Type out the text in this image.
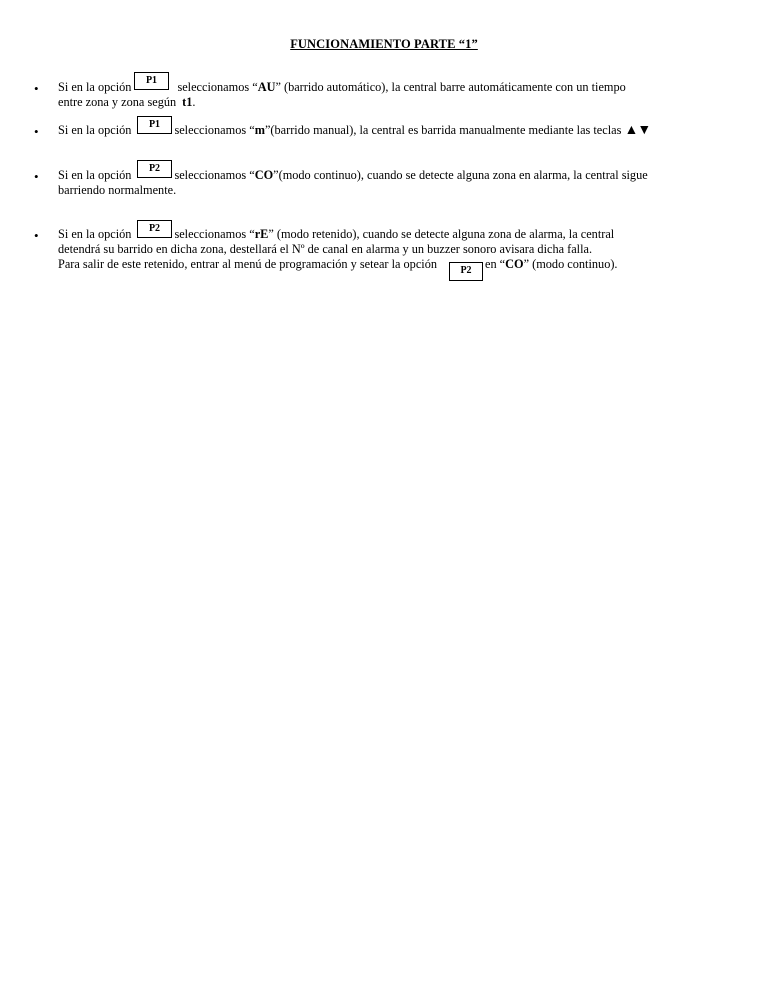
FUNCIONAMIENTO PARTE “1”
•
P1
Si en la opción	seleccionamos “AU” (barrido automático), la central barre automáticamente con un tiempo
entre zona y zona según t1.
•	P1
Si en la opción	seleccionamos “m”(barrido manual), la central es barrida manualmente mediante las teclas ▲▼
•
P2
Si en la opción	seleccionamos “CO”(modo continuo), cuando se detecte alguna zona en alarma, la central sigue
barriendo normalmente.
•	P2
Si en la opción	seleccionamos “rE” (modo retenido), cuando se detecte alguna zona de alarma, la central
detendrá su barrido en dicha zona, destellará el Nº de canal en alarma y un buzzer sonoro avisara dicha falla.
Para salir de este retenido, entrar al menú de programación y setear la opción	en “CO” (modo continuo).
P2
